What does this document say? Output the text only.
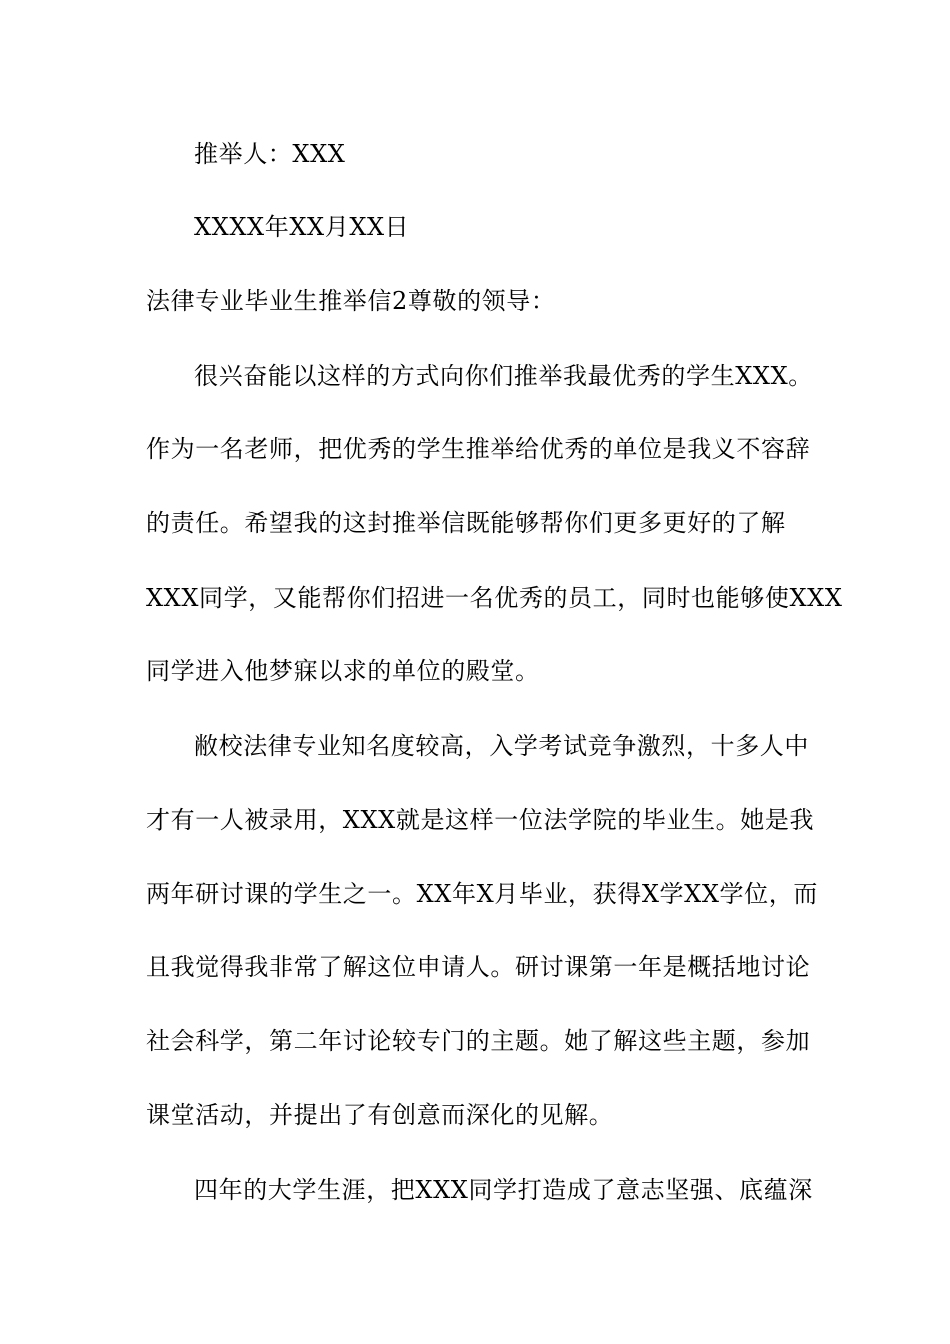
推举人：XXX
XXXX年XX月XX日
法律专业毕业生推举信2尊敬的领导：
很兴奋能以这样的方式向你们推举我最优秀的学生XXX。
作为一名老师，把优秀的学生推举给优秀的单位是我义不容辞
的责任。希望我的这封推举信既能够帮你们更多更好的了解
XXX同学，又能帮你们招进一名优秀的员工，同时也能够使XXX
同学进入他梦寐以求的单位的殿堂。
敝校法律专业知名度较高，入学考试竞争激烈，十多人中
才有一人被录用，XXX就是这样一位法学院的毕业生。她是我
两年研讨课的学生之一。XX年X月毕业，获得X学XX学位，而
且我觉得我非常了解这位申请人。研讨课第一年是概括地讨论
社会科学，第二年讨论较专门的主题。她了解这些主题，参加
课堂活动，并提出了有创意而深化的见解。
四年的大学生涯，把XXX同学打造成了意志坚强、底蕴深
